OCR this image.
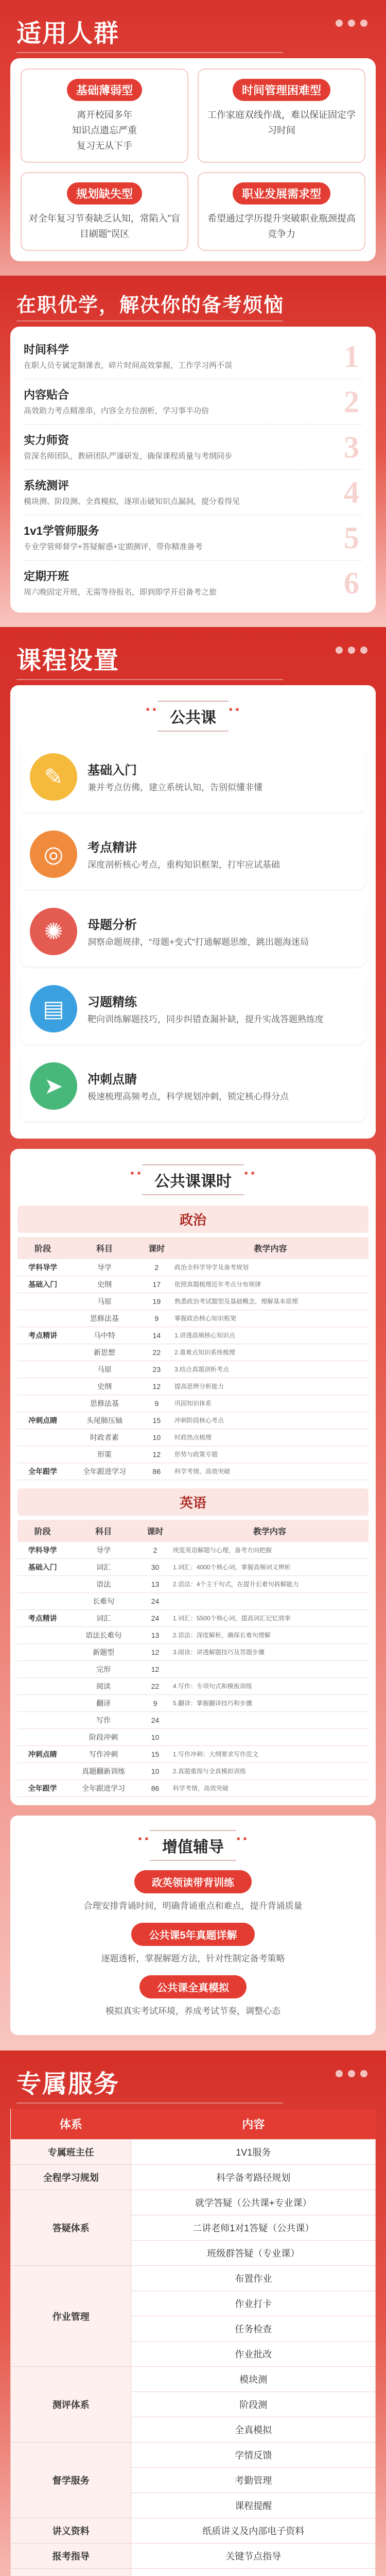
适用人群
基础薄弱型
离开校园多年
知识点遗忘严重
复习无从下手
时间管理困难型
工作家庭双线作战，难以保证固定学习时间
规划缺失型
对全年复习节奏缺乏认知，常陷入"盲目刷题"误区
职业发展需求型
希望通过学历提升突破职业瓶颈提高竞争力
在职优学，解决你的备考烦恼
时间科学
在职人员专属定制课表，碎片时间高效掌握，工作学习两不误	1
内容贴合
高效助力考点精准串，内容全方位剖析，学习事半功倍	2
实力师资
资深名师团队，教研团队严谨研发，确保课程质量与考纲同步	3
系统测评
模块测、阶段测、全真模拟，逐项击破知识点漏洞，提分看得见	4
1v1学管师服务
专业学管师督学+答疑解惑+定期测评，带你精准备考	5
定期开班
周六晚固定开班，无需等待报名，即到即学开启备考之旅	6
课程设置
■ ■ 公共课 ■ ■
✎	基础入门
兼并考点仿佛，建立系统认知，告别似懂非懂
◎	考点精讲
深度剖析核心考点，重构知识框架，打牢应试基础
✺	母题分析
洞察命题规律，"母题+变式"打通解题思维，跳出题海迷局
▤	习题精练
靶向训练解题技巧，同步纠错查漏补缺，提升实战答题熟练度
➤	冲刺点睛
极速梳理高频考点，科学规划冲刺，锁定核心得分点
■ ■ 公共课课时 ■ ■
政治
阶段	科目	课时	教学内容
学科导学	导学	2	政治全科学导学及备考规划
基础入门	史纲	17	依照真题梳理近年考点分布规律
	马原	19	熟悉政治考试题型及基础概念，理解基本原理
	思修法基	9	掌握政治核心知识框架
考点精讲	马中特	14	1.讲透高频核心知识点
	新思想	22	2.重难点知识系统梳理
	马原	23	3.结合真题剖析考点
	史纲	12	提高思辨分析能力
	思修法基	9	巩固知识体系
冲刺点睛	头尾肺压轴	15	冲刺阶段核心考点
	时政者素	10	时政热点梳理
	形策	12	形势与政策专题
全年跟学	全年跟进学习	86	科学考情，高效突破
英语
阶段	科目	课时	教学内容
学科导学	导学	2	统览英语解题与心理，备考方向把握
基础入门	词汇	30	1.词汇：4000个核心词，掌握高频词义辨析
	语法	13	2.语法：4个主干句式，在提升长难句拆解能力
	长难句	24	
考点精讲	词汇	24	1.词汇：5500个核心词，提高词汇记忆效率
	语法长难句	13	2.语法：深度解析，确保长难句理解
	新题型	12	3.阅读：讲透解题技巧及答题步骤
	完形	12	
	阅读	22	4.写作：专项句式和模板训练
	翻译	9	5.翻译：掌握翻译技巧和步骤
	写作	24	
	阶段冲刺	10	
冲刺点睛	写作冲刺	15	1.写作冲刺：大纲要求写作范文
	真题翻新训练	10	2.真题重现与全真模拟训练
全年跟学	全年跟进学习	86	科学考情，高效突破
■ ■ 增值辅导 ■ ■
政英领读带背训练
合理安排背诵时间，明确背诵重点和难点，提升背诵质量
公共课5年真题详解
逐题透析，掌握解题方法，针对性制定备考策略
公共课全真模拟
模拟真实考试环境，养成考试节奏，调整心态
专属服务
体系	内容
专属班主任	1V1服务
全程学习规划	科学备考路径规划
答疑体系	就学答疑（公共课+专业课）
	二讲老师1对1答疑（公共课）
	班级群答疑（专业课）
作业管理	布置作业
	作业打卡
	任务检查
	作业批改
测评体系	模块测
	阶段测
	全真模拟
督学服务	学情反馈
	考勤管理
	课程提醒
讲义资料	纸质讲义及内部电子资料
报考指导	关键节点指导
